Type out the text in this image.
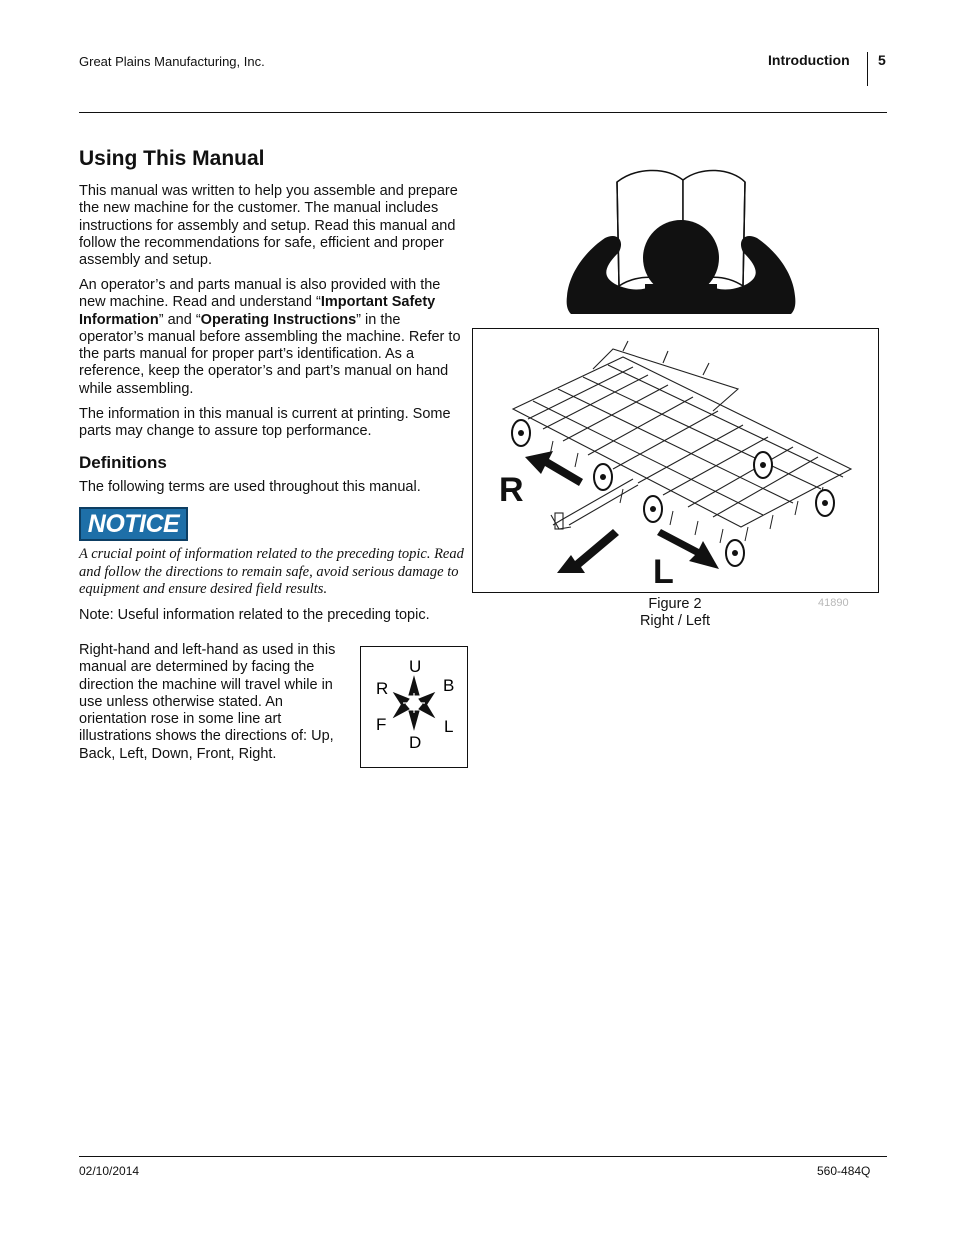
Great Plains Manufacturing, Inc.	Introduction 5
Using This Manual

This manual was written to help you assemble and prepare the new machine for the customer. The manual includes instructions for assembly and setup. Read this manual and follow the recommendations for safe, efficient and proper assembly and setup.

An operator’s and parts manual is also provided with the new machine. Read and understand “Important Safety Information” and “Operating Instructions” in the operator’s manual before assembling the machine. Refer to the parts manual for proper part’s identification. As a reference, keep the operator’s and part’s manual on hand while assembling.

The information in this manual is current at printing. Some parts may change to assure top performance.

Definitions

The following terms are used throughout this manual.

NOTICE

A crucial point of information related to the preceding topic. Read and follow the directions to remain safe, avoid serious damage to equipment and ensure desired field results.

Note: Useful information related to the preceding topic.

Right-hand and left-hand as used in this manual are determined by facing the direction the machine will travel while in use unless otherwise stated. An orientation rose in some line art illustrations shows the directions of: Up, Back, Left, Down, Front, Right.

U
R	B
F	L
D
R
L
Figure 2
Right / Left
41890
02/10/2014	560-484Q
